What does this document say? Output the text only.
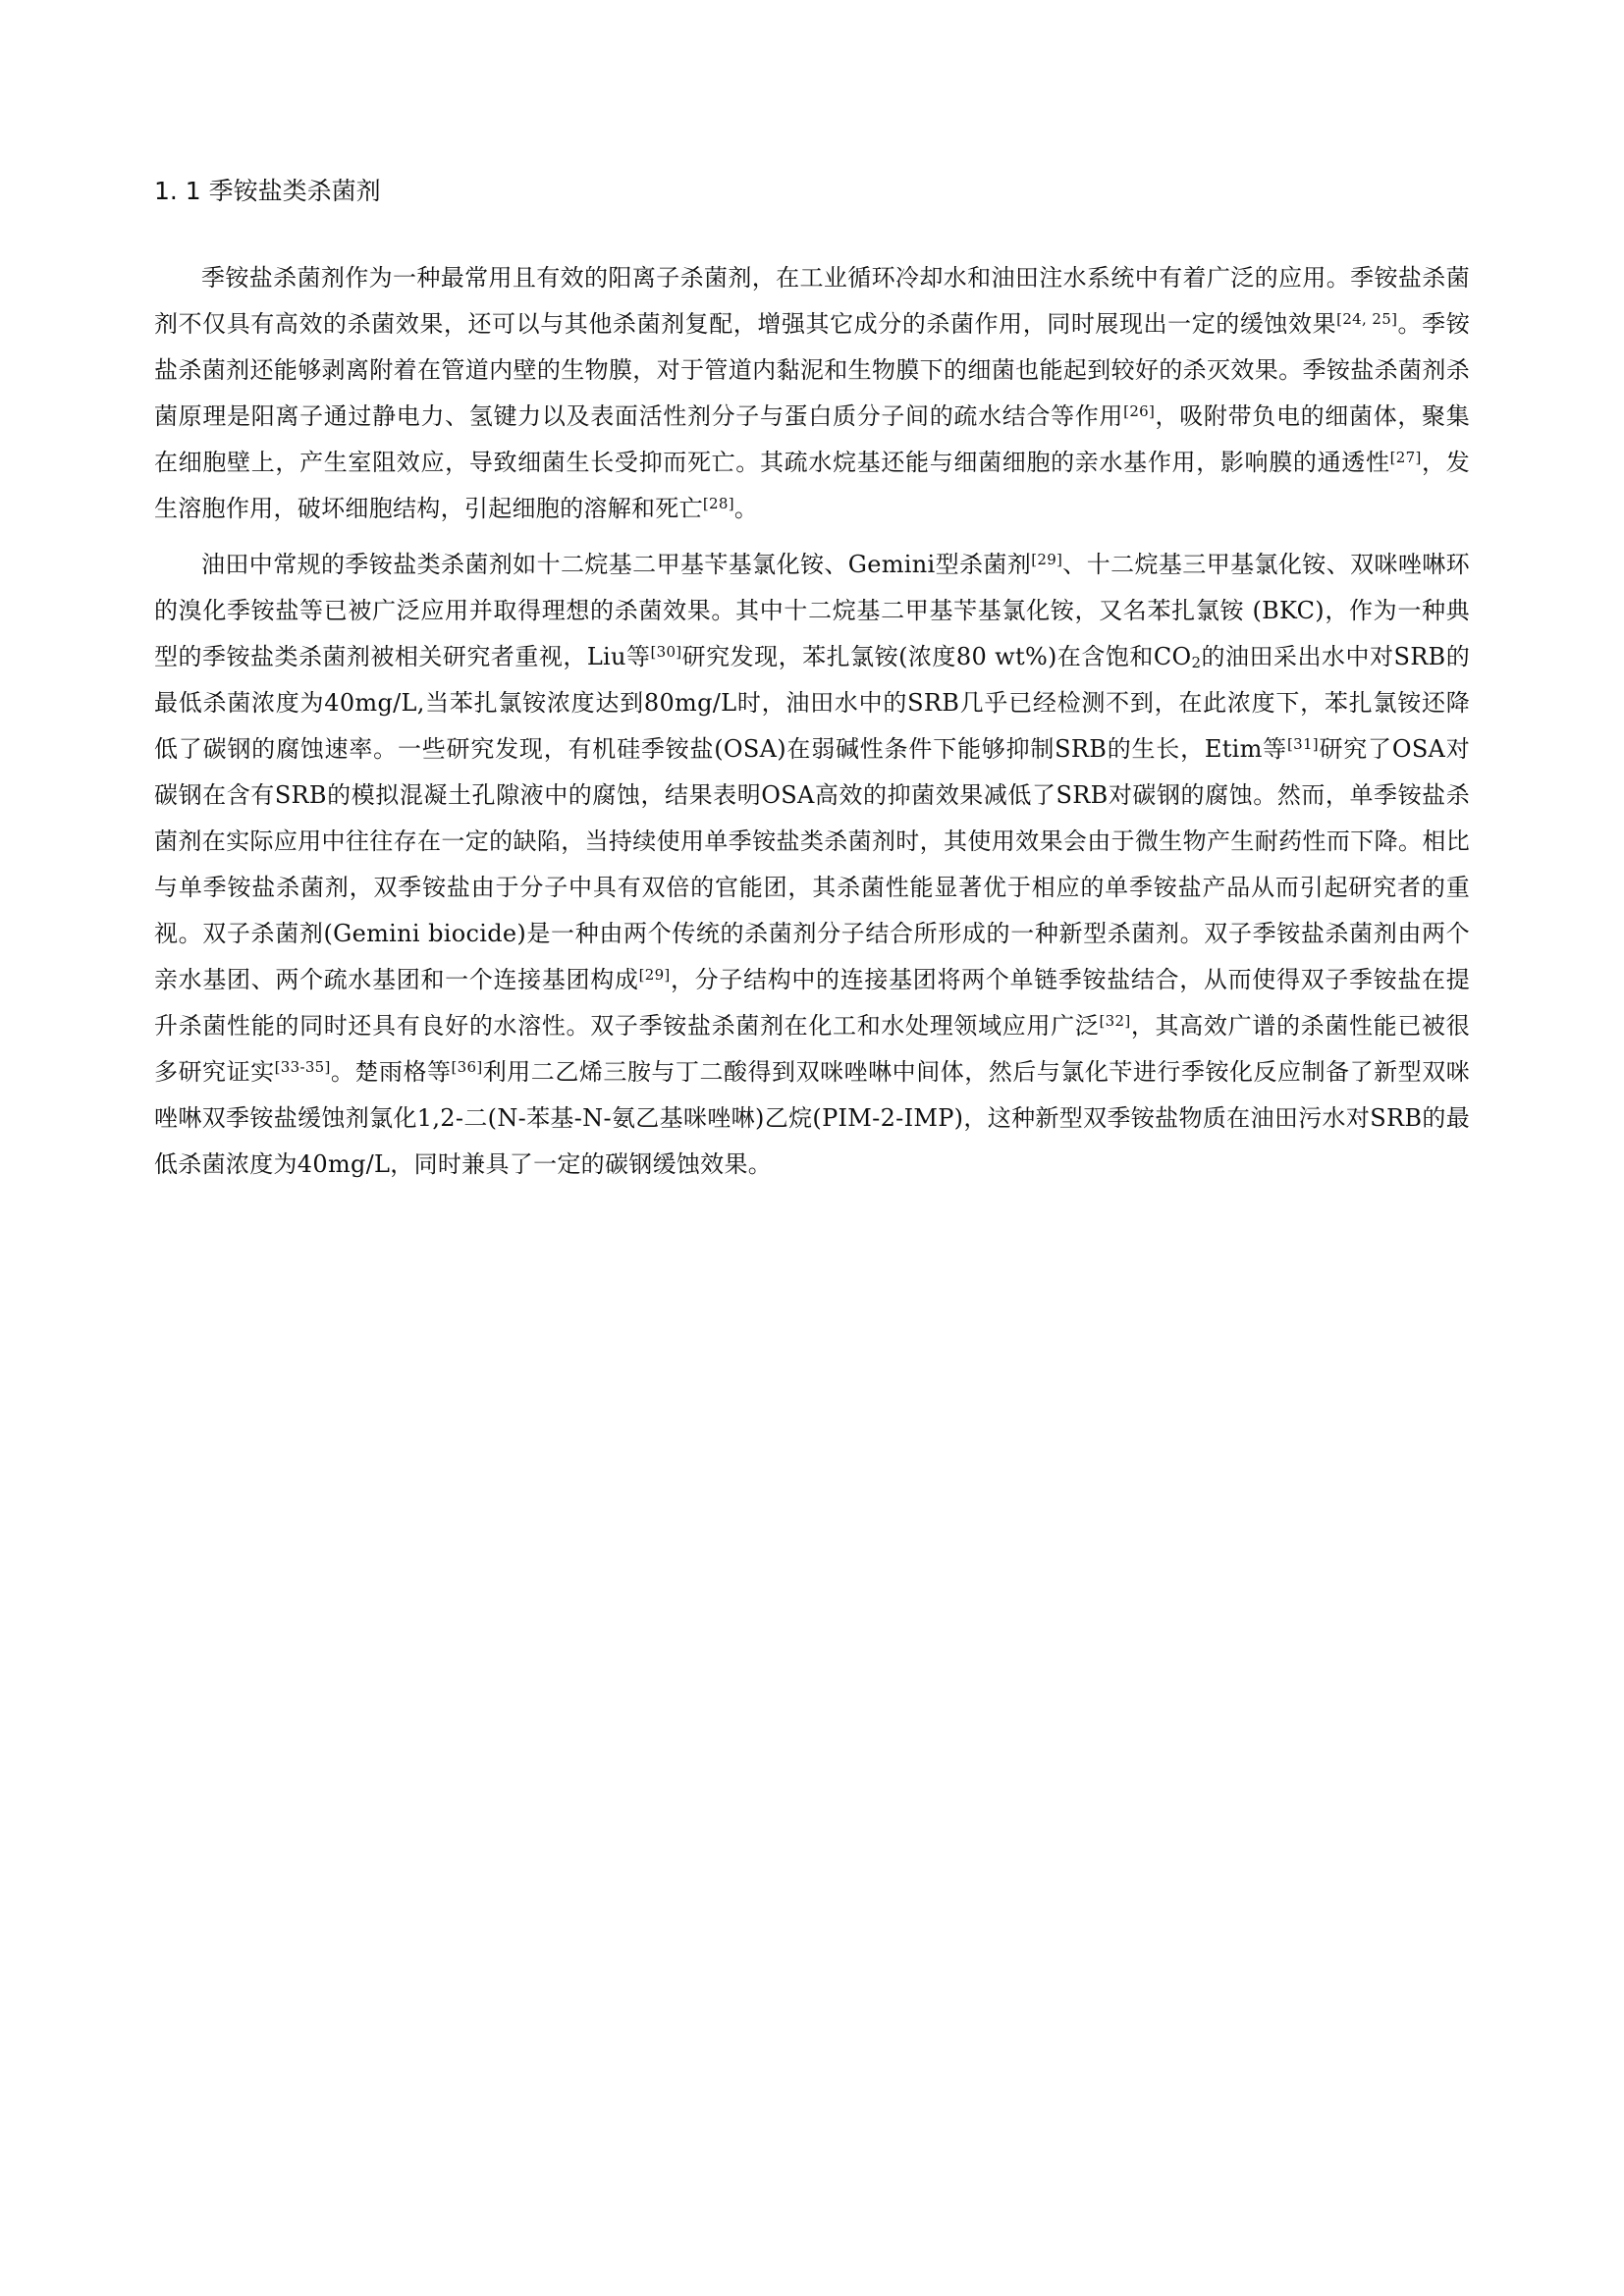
1. 1 季铵盐类杀菌剂

季铵盐杀菌剂作为一种最常用且有效的阳离子杀菌剂，在工业循环冷却水和油田注水系统中有着广泛的应用。季铵盐杀菌剂不仅具有高效的杀菌效果，还可以与其他杀菌剂复配，增强其它成分的杀菌作用，同时展现出一定的缓蚀效果[24, 25]。季铵盐杀菌剂还能够剥离附着在管道内壁的生物膜，对于管道内黏泥和生物膜下的细菌也能起到较好的杀灭效果。季铵盐杀菌剂杀菌原理是阳离子通过静电力、氢键力以及表面活性剂分子与蛋白质分子间的疏水结合等作用[26]，吸附带负电的细菌体，聚集在细胞壁上，产生室阻效应，导致细菌生长受抑而死亡。其疏水烷基还能与细菌细胞的亲水基作用，影响膜的通透性[27]，发生溶胞作用，破坏细胞结构，引起细胞的溶解和死亡[28]。

油田中常规的季铵盐类杀菌剂如十二烷基二甲基苄基氯化铵、Gemini型杀菌剂[29]、十二烷基三甲基氯化铵、双咪唑啉环的溴化季铵盐等已被广泛应用并取得理想的杀菌效果。其中十二烷基二甲基苄基氯化铵，又名苯扎氯铵 (BKC)，作为一种典型的季铵盐类杀菌剂被相关研究者重视，Liu等[30]研究发现，苯扎氯铵(浓度80 wt%)在含饱和$CO_2$的油田采出水中对SRB的最低杀菌浓度为40mg/L,当苯扎氯铵浓度达到80mg/L时，油田水中的SRB几乎已经检测不到，在此浓度下，苯扎氯铵还降低了碳钢的腐蚀速率。一些研究发现，有机硅季铵盐(OSA)在弱碱性条件下能够抑制SRB的生长，Etim等[31]研究了OSA对碳钢在含有SRB的模拟混凝土孔隙液中的腐蚀，结果表明OSA高效的抑菌效果减低了SRB对碳钢的腐蚀。然而，单季铵盐杀菌剂在实际应用中往往存在一定的缺陷，当持续使用单季铵盐类杀菌剂时，其使用效果会由于微生物产生耐药性而下降。相比与单季铵盐杀菌剂，双季铵盐由于分子中具有双倍的官能团，其杀菌性能显著优于相应的单季铵盐产品从而引起研究者的重视。双子杀菌剂(Gemini biocide)是一种由两个传统的杀菌剂分子结合所形成的一种新型杀菌剂。双子季铵盐杀菌剂由两个亲水基团、两个疏水基团和一个连接基团构成[29]，分子结构中的连接基团将两个单链季铵盐结合，从而使得双子季铵盐在提升杀菌性能的同时还具有良好的水溶性。双子季铵盐杀菌剂在化工和水处理领域应用广泛[32]，其高效广谱的杀菌性能已被很多研究证实[33-35]。楚雨格等[36]利用二乙烯三胺与丁二酸得到双咪唑啉中间体，然后与氯化苄进行季铵化反应制备了新型双咪唑啉双季铵盐缓蚀剂氯化1,2-二(N-苯基-N-氨乙基咪唑啉)乙烷(PIM-2-IMP)，这种新型双季铵盐物质在油田污水对SRB的最低杀菌浓度为40mg/L，同时兼具了一定的碳钢缓蚀效果。
